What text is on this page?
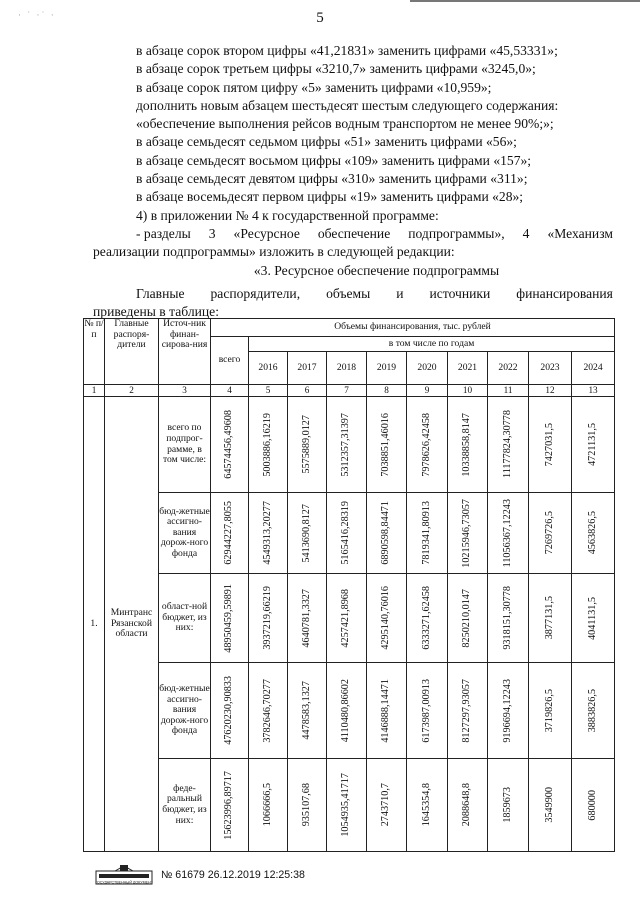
· ˙ ·˙ ·	5
в абзаце сорок втором цифры «41,21831» заменить цифрами «45,53331»;
в абзаце сорок третьем цифры «3210,7» заменить цифрами «3245,0»;
в абзаце сорок пятом цифру «5» заменить цифрами «10,959»;
дополнить новым абзацем шестьдесят шестым следующего содержания:
«обеспечение выполнения рейсов водным транспортом не менее 90%;»;
в абзаце семьдесят седьмом цифры «51» заменить цифрами «56»;
в абзаце семьдесят восьмом цифры «109» заменить цифрами «157»;
в абзаце семьдесят девятом цифры «310» заменить цифрами «311»;
в абзаце восемьдесят первом цифры «19» заменить цифрами «28»;
4) в приложении № 4 к государственной программе:
- разделы 3 «Ресурсное обеспечение подпрограммы», 4 «Механизм
реализации подпрограммы» изложить в следующей редакции:
«3. Ресурсное обеспечение подпрограммы
Главные распорядители, объемы и источники финансирования
приведены в таблице:
№ п/п	Главные распоря-дители	Источ-ник финан-сирова-ния	Объемы финансирования, тыс. рублей									
			всего	в том числе по годам								
				2016	2017	2018	2019	2020	2021	2022	2023	2024
1	2	3	4	5	6	7	8	9	10	11	12	13
1.	Минтранс Рязанской области	всего по подпрог-рамме, в том числе:	64574456,49608	5003886,16219	5575889,0127	5312357,31397	7038851,46016	7978626,42458	10338858,8147	11177824,30778	7427031,5	4721131,5

		бюд-жетные ассигно-вания дорож-ного фонда	62944227,8055	4549313,20277	5413690,8127	5165416,28319	6890598,84471	7819341,80913	10215946,73057	11056367,12243	7269726,5	4563826,5

		област-ной бюджет, из них:	48950459,59891	3937219,66219	4640781,3327	4257421,8968	4295140,76016	6333271,62458	8250210,0147	9318151,30778	3877131,5	4041131,5

		бюд-жетные ассигно-вания дорож-ного фонда	47620230,90833	3782646,70277	4478583,1327	4110480,86602	4146888,14471	6173987,00913	8127297,93057	9196694,12243	3719826,5	3883826,5

		феде-ральный бюджет, из них:	15623996,89717	1066666,5	935107,68	1054935,41717	2743710,7	1645354,8	2088648,8	1859673	3549900	680000
ГОСУДАРСТВЕННЫЙ ДОКУМЕНТ
№ 61679 26.12.2019 12:25:38
